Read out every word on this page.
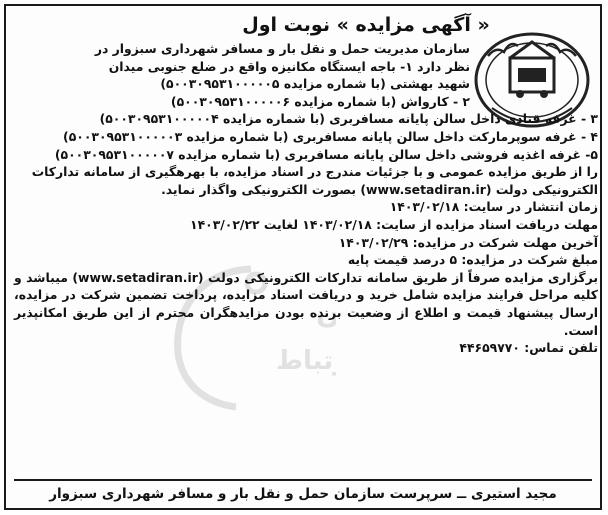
تباط
« آگهی مزایده » نوبت اول
سازمان مدیریت حمل و نقل بار و مسافر شهرداری سبزوار در
نظر دارد ۱- باجه ایستگاه مکانیزه واقع در ضلع جنوبی میدان
شهید بهشتی (با شماره مزایده ۵۰۰۳۰۹۵۳۱۰۰۰۰۰۵)
۲ - کارواش (با شماره مزایده ۵۰۰۳۰۹۵۳۱۰۰۰۰۰۶)
۳ - غرفه قنادی داخل سالن پایانه مسافربری (با شماره مزایده ۵۰۰۳۰۹۵۳۱۰۰۰۰۰۴)
۴ - غرفه سوپرمارکت داخل سالن پایانه مسافربری (با شماره مزایده ۵۰۰۳۰۹۵۳۱۰۰۰۰۰۳)
۵- غرفه اغذیه فروشی داخل سالن پایانه مسافربری (با شماره مزایده ۵۰۰۳۰۹۵۳۱۰۰۰۰۰۷)
را از طریق مزایده عمومی و با جزئیات مندرج در اسناد مزایده، با بهرهگیری از سامانه تدارکات
الکترونیکی دولت (www.setadiran.ir) بصورت الکترونیکی واگذار نماید.
زمان انتشار در سایت: ۱۴۰۳/۰۲/۱۸
مهلت دریافت اسناد مزایده از سایت: ۱۴۰۳/۰۲/۱۸ لغایت ۱۴۰۳/۰۲/۲۲
آخرین مهلت شرکت در مزایده: ۱۴۰۳/۰۲/۲۹
مبلغ شرکت در مزایده: ۵ درصد قیمت پایه
برگزاری مزایده صرفاً از طریق سامانه تدارکات الکترونیکی دولت (www.setadiran.ir) میباشد و کلیه مراحل فرایند مزایده شامل خرید و دریافت اسناد مزایده، پرداخت تضمین شرکت در مزایده، ارسال پیشنهاد قیمت و اطلاع از وضعیت برنده بودن مزایدهگران محترم از این طریق امکانپذیر است.
تلفن تماس: ۴۴۶۵۹۷۷۰
مجید استیری ــ سرپرست سازمان حمل و نقل بار و مسافر شهرداری سبزوار
